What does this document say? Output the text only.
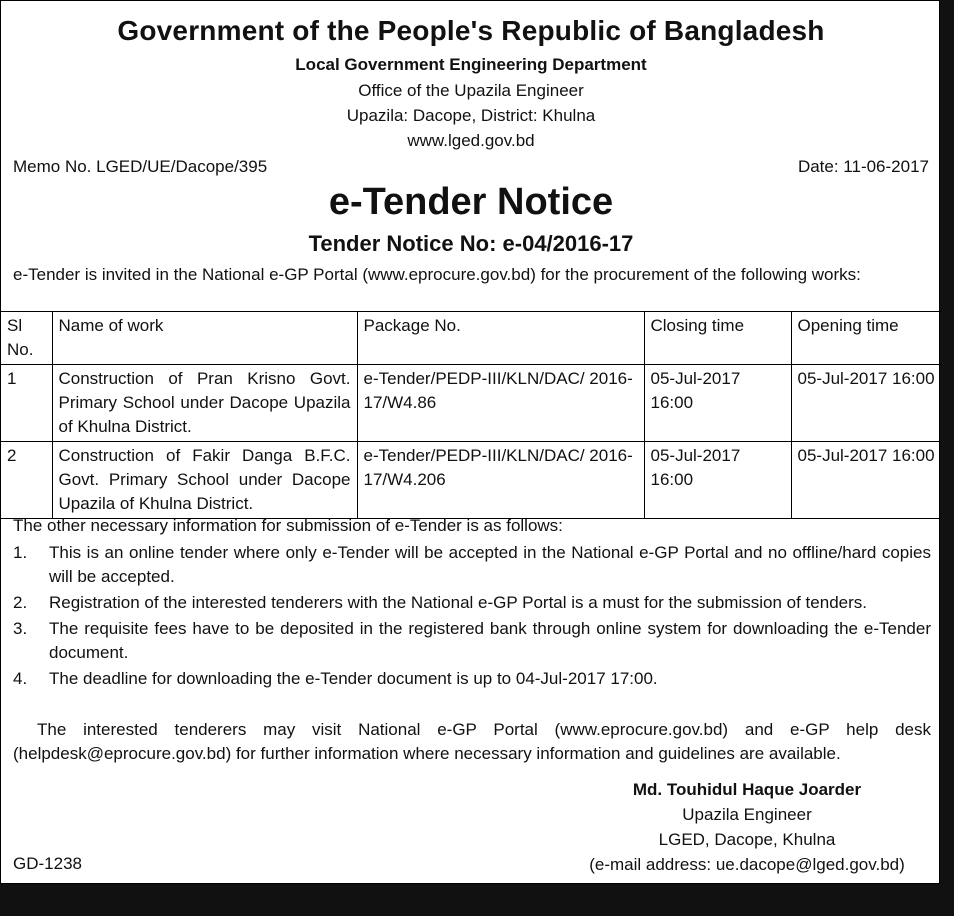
Government of the People's Republic of Bangladesh
Local Government Engineering Department
Office of the Upazila Engineer
Upazila: Dacope, District: Khulna
www.lged.gov.bd
Memo No. LGED/UE/Dacope/395	Date: 11-06-2017
e-Tender Notice
Tender Notice No: e-04/2016-17
e-Tender is invited in the National e-GP Portal (www.eprocure.gov.bd) for the procurement of the following works:
Sl No.	Name of work	Package No.	Closing time	Opening time
1	Construction of Pran Krisno Govt. Primary School under Dacope Upazila of Khulna District.	e-Tender/PEDP-III/KLN/DAC/ 2016-17/W4.86	05-Jul-2017 16:00	05-Jul-2017 16:00
2	Construction of Fakir Danga B.F.C. Govt. Primary School under Dacope Upazila of Khulna District.	e-Tender/PEDP-III/KLN/DAC/ 2016-17/W4.206	05-Jul-2017 16:00	05-Jul-2017 16:00
The other necessary information for submission of e-Tender is as follows:
1.	This is an online tender where only e-Tender will be accepted in the National e-GP Portal and no offline/hard copies will be accepted.
2.	Registration of the interested tenderers with the National e-GP Portal is a must for the submission of tenders.
3.	The requisite fees have to be deposited in the registered bank through online system for downloading the e-Tender document.
4.	The deadline for downloading the e-Tender document is up to 04-Jul-2017 17:00.
The interested tenderers may visit National e-GP Portal (www.eprocure.gov.bd) and e-GP help desk (helpdesk@eprocure.gov.bd) for further information where necessary information and guidelines are available.
Md. Touhidul Haque Joarder
Upazila Engineer
LGED, Dacope, Khulna
(e-mail address: ue.dacope@lged.gov.bd)
GD-1238
